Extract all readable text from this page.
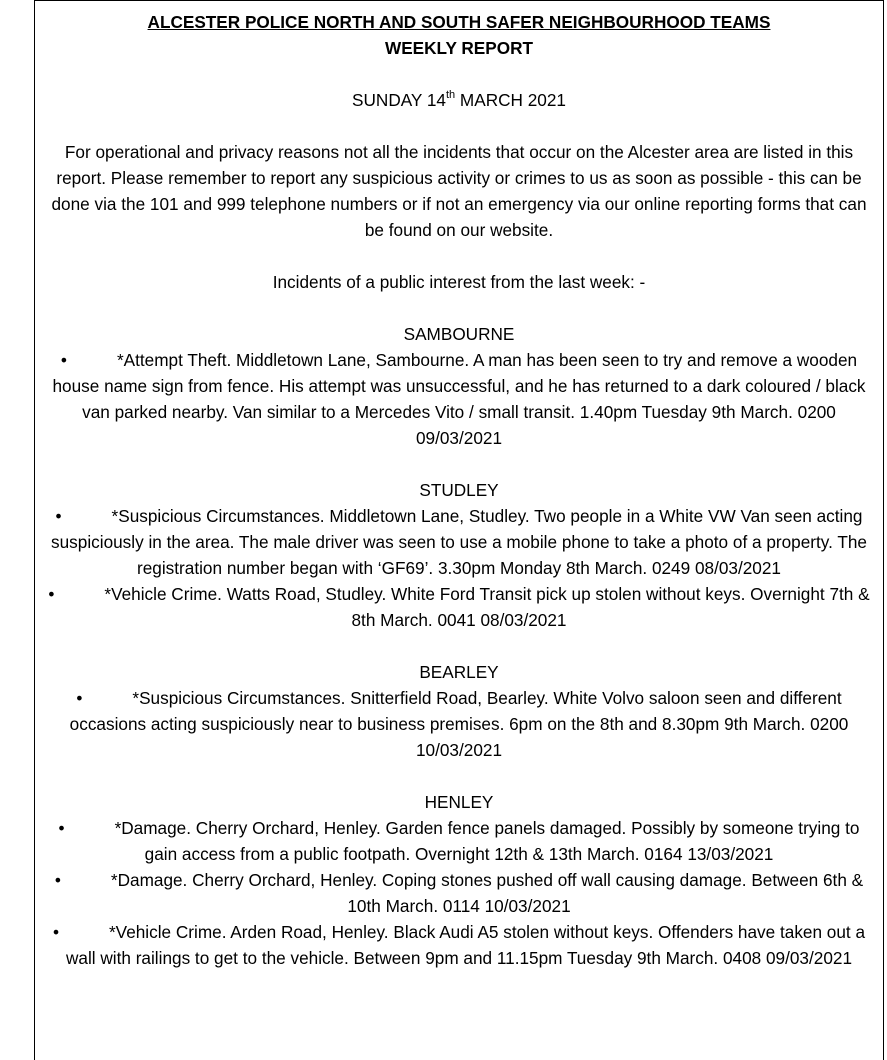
ALCESTER POLICE NORTH AND SOUTH SAFER NEIGHBOURHOOD TEAMS
WEEKLY REPORT
SUNDAY 14th MARCH 2021

For operational and privacy reasons not all the incidents that occur on the Alcester area are listed in this report. Please remember to report any suspicious activity or crimes to us as soon as possible - this can be done via the 101 and 999 telephone numbers or if not an emergency via our online reporting forms that can be found on our website.

Incidents of a public interest from the last week: -

SAMBOURNE
•	*Attempt Theft. Middletown Lane, Sambourne. A man has been seen to try and remove a wooden house name sign from fence. His attempt was unsuccessful, and he has returned to a dark coloured / black van parked nearby. Van similar to a Mercedes Vito / small transit. 1.40pm Tuesday 9th March. 0200 09/03/2021
STUDLEY
•	*Suspicious Circumstances. Middletown Lane, Studley. Two people in a White VW Van seen acting suspiciously in the area. The male driver was seen to use a mobile phone to take a photo of a property. The registration number began with ‘GF69’. 3.30pm Monday 8th March. 0249 08/03/2021
•	*Vehicle Crime. Watts Road, Studley. White Ford Transit pick up stolen without keys. Overnight 7th & 8th March. 0041 08/03/2021
BEARLEY
•	*Suspicious Circumstances. Snitterfield Road, Bearley. White Volvo saloon seen and different occasions acting suspiciously near to business premises. 6pm on the 8th and 8.30pm 9th March. 0200 10/03/2021
HENLEY
•	*Damage. Cherry Orchard, Henley. Garden fence panels damaged. Possibly by someone trying to gain access from a public footpath. Overnight 12th & 13th March. 0164 13/03/2021
•	*Damage. Cherry Orchard, Henley. Coping stones pushed off wall causing damage. Between 6th & 10th March. 0114 10/03/2021
•	*Vehicle Crime. Arden Road, Henley. Black Audi A5 stolen without keys. Offenders have taken out a wall with railings to get to the vehicle. Between 9pm and 11.15pm Tuesday 9th March. 0408 09/03/2021
